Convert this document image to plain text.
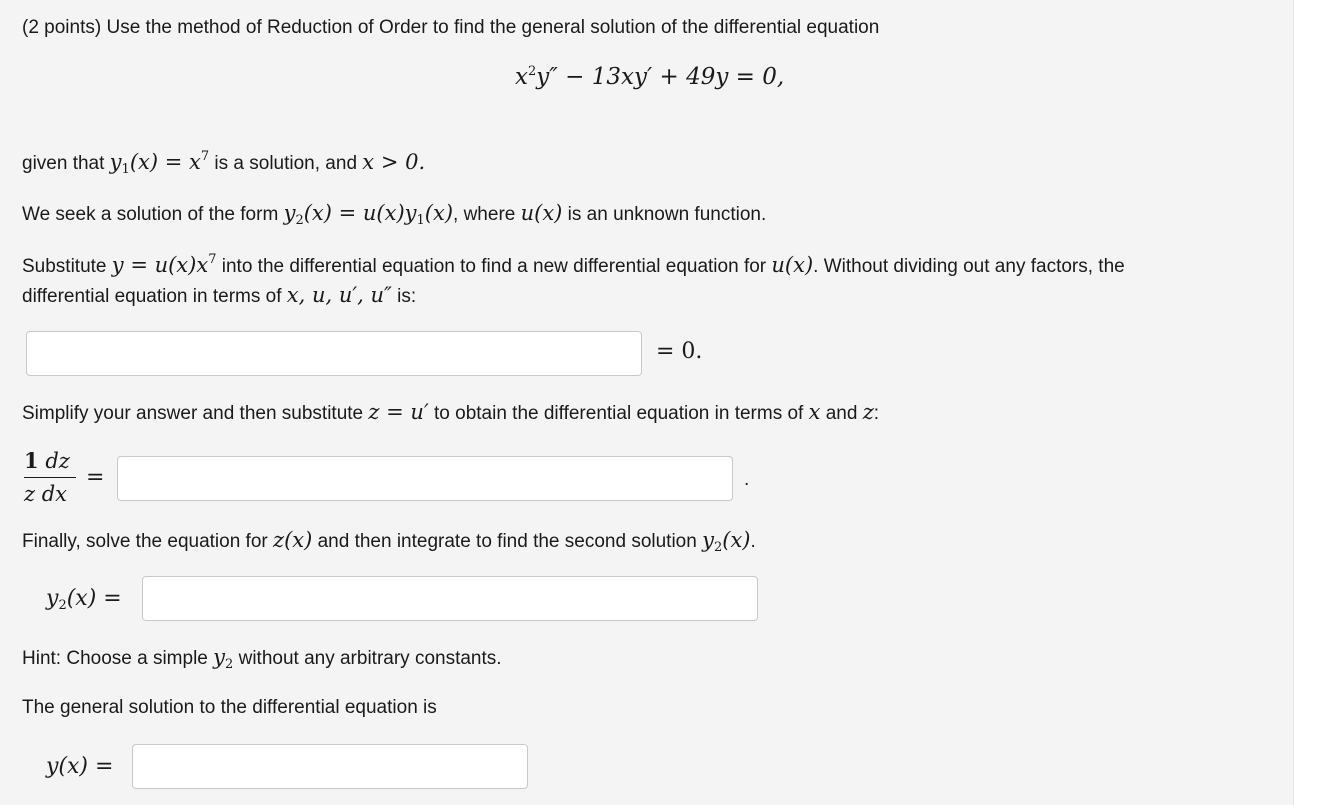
(2 points) Use the method of Reduction of Order to find the general solution of the differential equation
$x^2y'' - 13xy' + 49y = 0$,
given that $y_1(x) = x^7$ is a solution, and x > 0.
We seek a solution of the form $y_2(x) = u(x)y_1(x)$, where u(x) is an unknown function.
Substitute $y = u(x)x^7$ into the differential equation to find a new differential equation for u(x). Without dividing out any factors, the
differential equation in terms of x, u, u′, u″ is:
= 0.
Simplify your answer and then substitute z = u′ to obtain the differential equation in terms of x and z:
1 dz
z dx
=	.
Finally, solve the equation for z(x) and then integrate to find the second solution $y_2(x)$.
$y_2(x)$ =
Hint: Choose a simple $y_2$ without any arbitrary constants.
The general solution to the differential equation is
y(x) =
